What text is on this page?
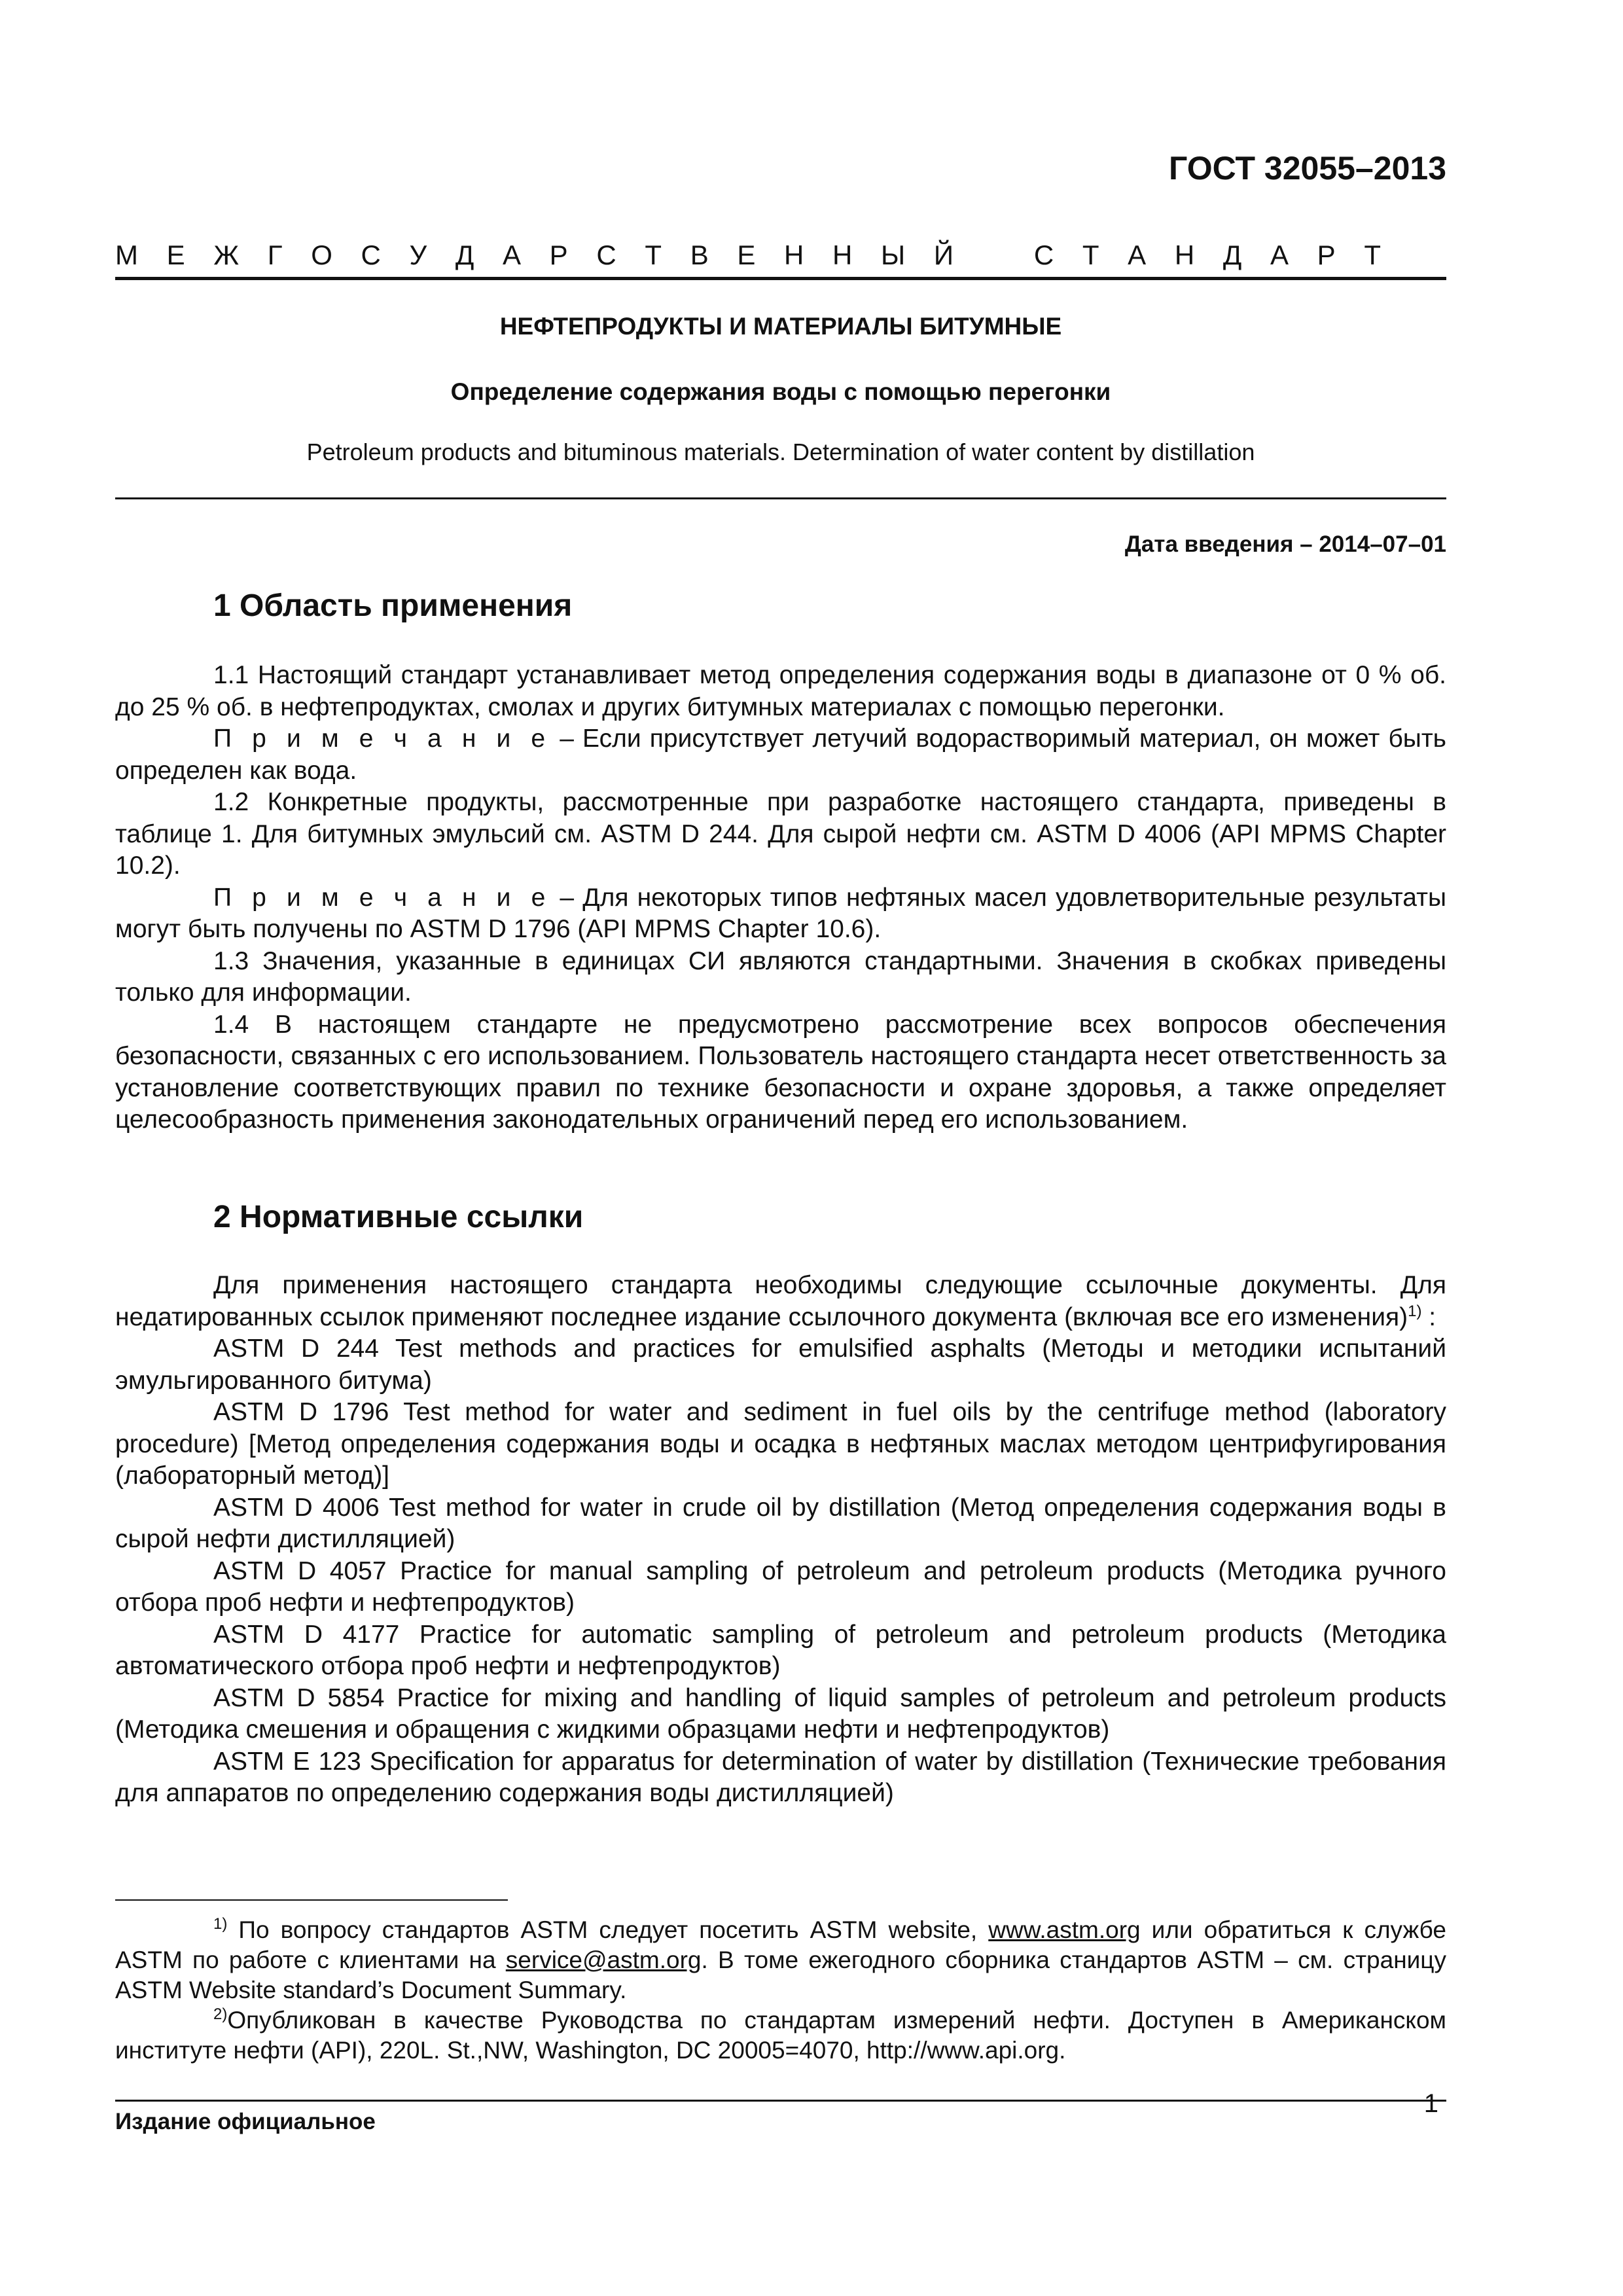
ГОСТ 32055–2013
М Е Ж Г О С У Д А Р С Т В Е Н Н Ы Й	С Т А Н Д А Р Т
НЕФТЕПРОДУКТЫ И МАТЕРИАЛЫ БИТУМНЫЕ
Определение содержания воды с помощью перегонки
Petroleum products and bituminous materials. Determination of water content by distillation
Дата введения – 2014–07–01
1 Область применения

1.1 Настоящий стандарт устанавливает метод определения содержания воды в диапазоне от 0 % об. до 25 % об. в нефтепродуктах, смолах и других битумных материалах с помощью перегонки.

П р и м е ч а н и е – Если присутствует летучий водорастворимый материал, он может быть определен как вода.

1.2 Конкретные продукты, рассмотренные при разработке настоящего стандарта, приведены в таблице 1. Для битумных эмульсий см. ASTM D 244. Для сырой нефти см. ASTM D 4006 (API MPMS Chapter 10.2).

П р и м е ч а н и е – Для некоторых типов нефтяных масел удовлетворительные результаты могут быть получены по ASTM D 1796 (API MPMS Chapter 10.6).

1.3 Значения, указанные в единицах СИ являются стандартными. Значения в скобках приведены только для информации.

1.4 В настоящем стандарте не предусмотрено рассмотрение всех вопросов обеспечения безопасности, связанных с его использованием. Пользователь настоящего стандарта несет ответственность за установление соответствующих правил по технике безопасности и охране здоровья, а также определяет целесообразность применения законодательных ограничений перед его использованием.

2 Нормативные ссылки

Для применения настоящего стандарта необходимы следующие ссылочные документы. Для недатированных ссылок применяют последнее издание ссылочного документа (включая все его изменения)$^{1)}$ :

ASTM D 244 Test methods and practices for emulsified asphalts (Методы и методики испытаний эмульгированного битума)

ASTM D 1796 Test method for water and sediment in fuel oils by the centrifuge method (laboratory procedure) [Метод определения содержания воды и осадка в нефтяных маслах методом центрифугирования (лабораторный метод)]

ASTM D 4006 Test method for water in crude oil by distillation (Метод определения содержания воды в сырой нефти дистилляцией)

ASTM D 4057 Practice for manual sampling of petroleum and petroleum products (Методика ручного отбора проб нефти и нефтепродуктов)

ASTM D 4177 Practice for automatic sampling of petroleum and petroleum products (Методика автоматического отбора проб нефти и нефтепродуктов)

ASTM D 5854 Practice for mixing and handling of liquid samples of petroleum and petroleum products (Методика смешения и обращения с жидкими образцами нефти и нефтепродуктов)

ASTM E 123 Specification for apparatus for determination of water by distillation (Технические требования для аппаратов по определению содержания воды дистилляцией)

$^{1)}$ По вопросу стандартов ASTM следует посетить ASTM website, www.astm.org или обратиться к службе ASTM по работе с клиентами на service@astm.org. В томе ежегодного сборника стандартов ASTM – см. страницу ASTM Website standard’s Document Summary.

$^{2)}$Опубликован в качестве Руководства по стандартам измерений нефти. Доступен в Американском институте нефти (API), 220L. St.,NW, Washington, DC 20005=4070, http://www.api.org.

Издание официальное
1
